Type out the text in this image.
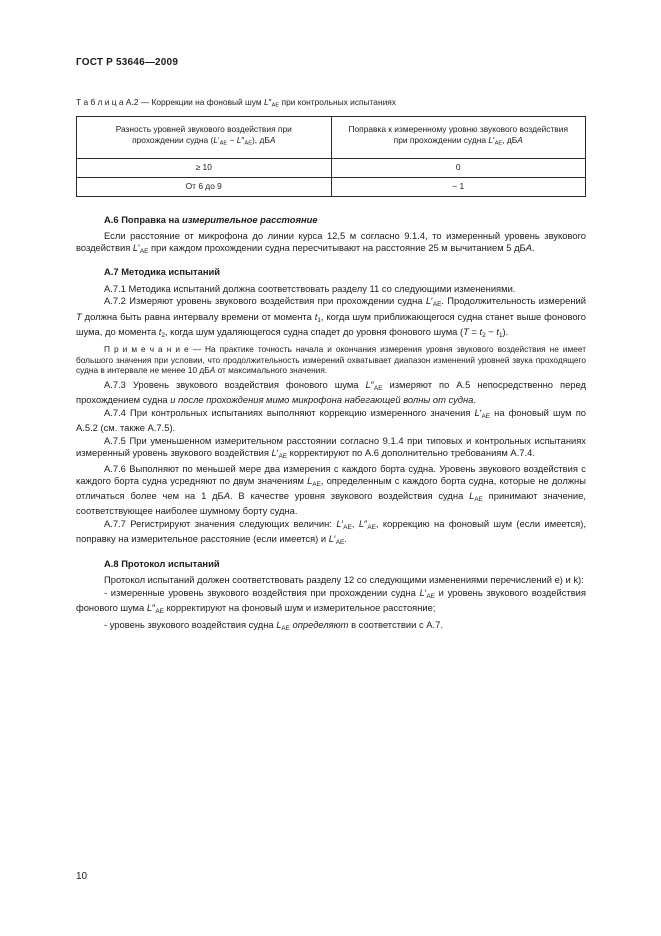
ГОСТ Р 53646—2009
Т а б л и ц а А.2 — Коррекции на фоновый шум $L''_{AE}$ при контрольных испытаниях
Разность уровней звукового воздействия при прохождении судна $(L'_{AE} - L''_{AE})$, дБА	Поправка к измеренному уровню звукового воздействия при прохождении судна $L'_{AE}$, дБА
≥ 10	0
От 6 до 9	− 1

А.6 Поправка на измерительное расстояние

Если расстояние от микрофона до линии курса 12,5 м согласно 9.1.4, то измеренный уровень звукового воздействия $L'_{AE}$ при каждом прохождении судна пересчитывают на расстояние 25 м вычитанием 5 дБА.

А.7 Методика испытаний

А.7.1 Методика испытаний должна соответствовать разделу 11 со следующими изменениями.

А.7.2 Измеряют уровень звукового воздействия при прохождении судна $L'_{AE}$. Продолжительность измерений T должна быть равна интервалу времени от момента $t_1$, когда шум приближающегося судна станет выше фонового шума, до момента $t_2$, когда шум удаляющегося судна спадет до уровня фонового шума $(T = t_2 - t_1)$.

П р и м е ч а н и е — На практике точность начала и окончания измерения уровня звукового воздействия не имеет большого значения при условии, что продолжительность измерений охватывает диапазон изменений уровней звука проходящего судна в интервале не менее 10 дБА от максимального значения.

А.7.3 Уровень звукового воздействия фонового шума $L''_{AE}$ измеряют по А.5 непосредственно перед прохождением судна и после прохождения мимо микрофона набегающей волны от судна.

А.7.4 При контрольных испытаниях выполняют коррекцию измеренного значения $L'_{AE}$ на фоновый шум по А.5.2 (см. также А.7.5).

А.7.5 При уменьшенном измерительном расстоянии согласно 9.1.4 при типовых и контрольных испытаниях измеренный уровень звукового воздействия $L'_{AE}$ корректируют по А.6 дополнительно требованиям А.7.4.

А.7.6 Выполняют по меньшей мере два измерения с каждого борта судна. Уровень звукового воздействия с каждого борта судна усредняют по двум значениям $L_{AE}$, определенным с каждого борта судна, которые не должны отличаться более чем на 1 дБА. В качестве уровня звукового воздействия судна $L_{AE}$ принимают значение, соответствующее наиболее шумному борту судна.

А.7.7 Регистрируют значения следующих величин: $L'_{AE}$, $L''_{AE}$, коррекцию на фоновый шум (если имеется), поправку на измерительное расстояние (если имеется) и $L'_{AE}$.

А.8 Протокол испытаний

Протокол испытаний должен соответствовать разделу 12 со следующими изменениями перечислений е) и k):

- измеренные уровень звукового воздействия при прохождении судна $L'_{AE}$ и уровень звукового воздействия фонового шума $L''_{AE}$ корректируют на фоновый шум и измерительное расстояние;

- уровень звукового воздействия судна $L_{AE}$ определяют в соответствии с А.7.

10
